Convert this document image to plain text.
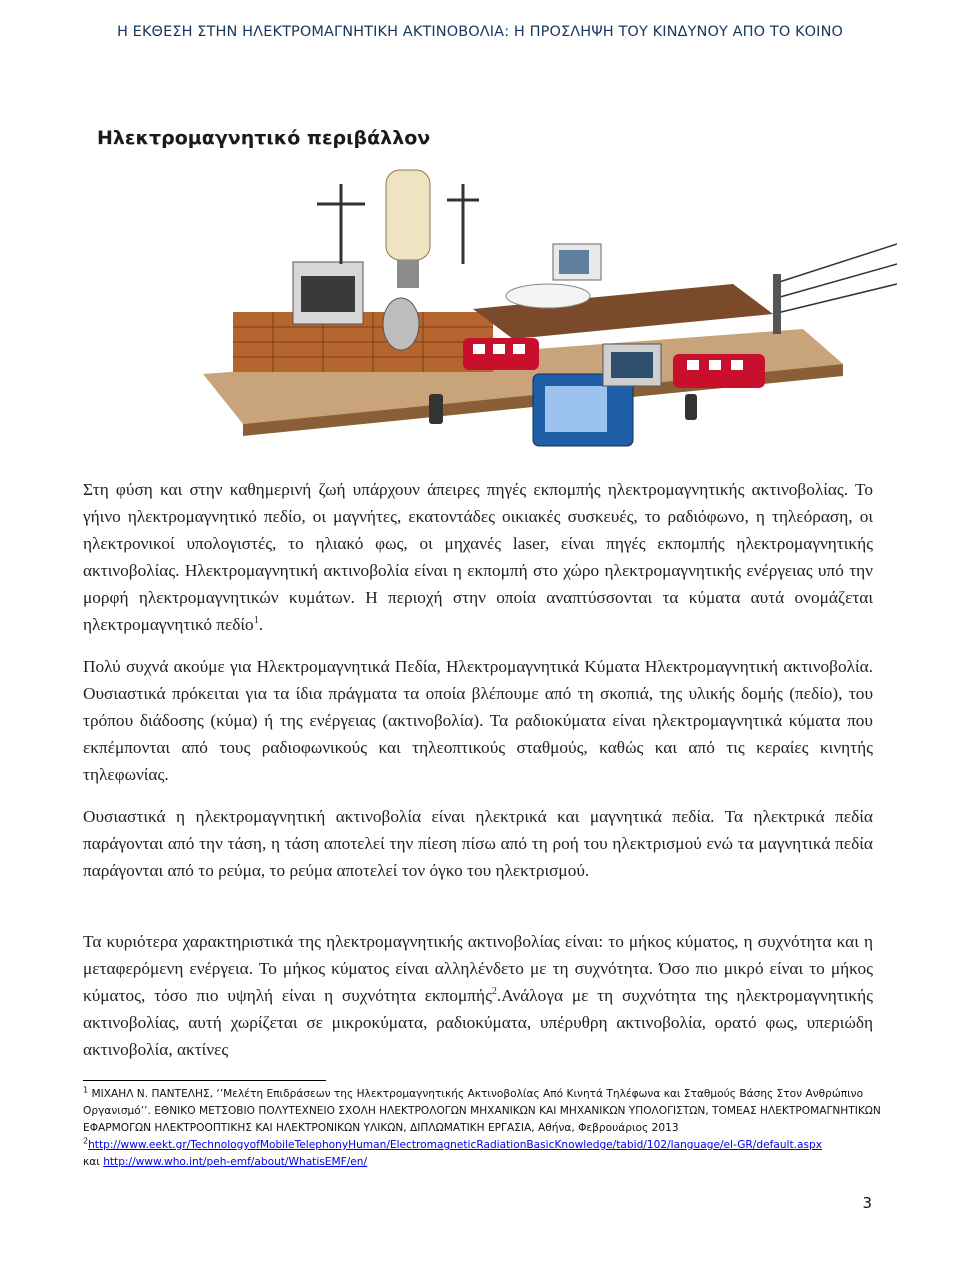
Η ΕΚΘΕΣΗ ΣΤΗΝ ΗΛΕΚΤΡΟΜΑΓΝΗΤΙΚΗ ΑΚΤΙΝΟΒΟΛΙΑ: Η ΠΡΟΣΛΗΨΗ ΤΟΥ ΚΙΝΔΥΝΟΥ ΑΠΟ ΤΟ ΚΟΙΝΟ
Ηλεκτρομαγνητικό περιβάλλον

Στη φύση και στην καθημερινή ζωή υπάρχουν άπειρες πηγές εκπομπής ηλεκτρομαγνητικής ακτινοβολίας. Το γήινο ηλεκτρομαγνητικό πεδίο, οι μαγνήτες, εκατοντάδες οικιακές συσκευές, το ραδιόφωνο, η τηλεόραση, οι ηλεκτρονικοί υπολογιστές, το ηλιακό φως, οι μηχανές laser, είναι πηγές εκπομπής ηλεκτρομαγνητικής ακτινοβολίας. Ηλεκτρομαγνητική ακτινοβολία είναι η εκπομπή στο χώρο ηλεκτρομαγνητικής ενέργειας υπό την μορφή ηλεκτρομαγνητικών κυμάτων. Η περιοχή στην οποία αναπτύσσονται τα κύματα αυτά ονομάζεται ηλεκτρομαγνητικό πεδίο$^1$.

Πολύ συχνά ακούμε για Ηλεκτρομαγνητικά Πεδία, Ηλεκτρομαγνητικά Κύματα Ηλεκτρομαγνητική ακτινοβολία. Ουσιαστικά πρόκειται για τα ίδια πράγματα τα οποία βλέπουμε από τη σκοπιά, της υλικής δομής (πεδίο), του τρόπου διάδοσης (κύμα) ή της ενέργειας (ακτινοβολία). Τα ραδιοκύματα είναι ηλεκτρομαγνητικά κύματα που εκπέμπονται από τους ραδιοφωνικούς και τηλεοπτικούς σταθμούς, καθώς και από τις κεραίες κινητής τηλεφωνίας.

Ουσιαστικά η ηλεκτρομαγνητική ακτινοβολία είναι ηλεκτρικά και μαγνητικά πεδία. Τα ηλεκτρικά πεδία παράγονται από την τάση, η τάση αποτελεί την πίεση πίσω από τη ροή του ηλεκτρισμού ενώ τα μαγνητικά πεδία παράγονται από το ρεύμα, το ρεύμα αποτελεί τον όγκο του ηλεκτρισμού.

Τα κυριότερα χαρακτηριστικά της ηλεκτρομαγνητικής ακτινοβολίας είναι: το μήκος κύματος, η συχνότητα και η μεταφερόμενη ενέργεια. Το μήκος κύματος είναι αλληλένδετο με τη συχνότητα. Όσο πιο μικρό είναι το μήκος κύματος, τόσο πιο υψηλή είναι η συχνότητα εκπομπής$^2$.Ανάλογα με τη συχνότητα της ηλεκτρομαγνητικής ακτινοβολίας, αυτή χωρίζεται σε μικροκύματα, ραδιοκύματα, υπέρυθρη ακτινοβολία, ορατό φως, υπεριώδη ακτινοβολία, ακτίνες

$^1$ ΜΙΧΑΗΛ Ν. ΠΑΝΤΕΛΗΣ, ‘’Μελέτη Επιδράσεων της Ηλεκτρομαγνητικής Ακτινοβολίας Από Κινητά Τηλέφωνα και Σταθμούς Βάσης Στον Ανθρώπινο Οργανισμό’’. ΕΘΝΙΚΟ ΜΕΤΣΟΒΙΟ ΠΟΛΥΤΕΧΝΕΙΟ ΣΧΟΛΗ ΗΛΕΚΤΡΟΛΟΓΩΝ ΜΗΧΑΝΙΚΩΝ ΚΑΙ ΜΗΧΑΝΙΚΩΝ ΥΠΟΛΟΓΙΣΤΩΝ, ΤΟΜΕΑΣ ΗΛΕΚΤΡΟΜΑΓΝΗΤΙΚΩΝ ΕΦΑΡΜΟΓΩΝ ΗΛΕΚΤΡΟΟΠΤΙΚΗΣ ΚΑΙ ΗΛΕΚΤΡΟΝΙΚΩΝ ΥΛΙΚΩΝ, ΔΙΠΛΩΜΑΤΙΚΗ ΕΡΓΑΣΙΑ, Αθήνα, Φεβρουάριος 2013

$^2$http://www.eekt.gr/TechnologyofMobileTelephonyHuman/ElectromagneticRadiationBasicKnowledge/tabid/102/language/el-GR/default.aspx

και http://www.who.int/peh-emf/about/WhatisEMF/en/

3
